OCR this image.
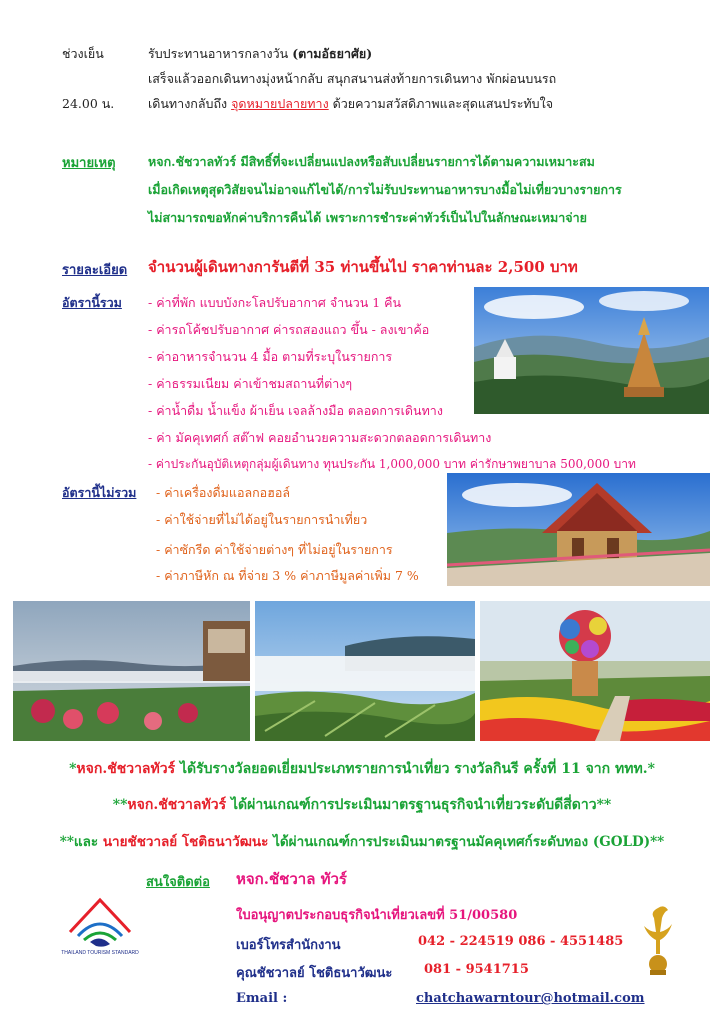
ช่วงเย็น	รับประทานอาหารกลางวัน (ตามอัธยาศัย)
เสร็จแล้วออกเดินทางมุ่งหน้ากลับ สนุกสนานส่งท้ายการเดินทาง พักผ่อนบนรถ
24.00 น.	เดินทางกลับถึง จุดหมายปลายทาง ด้วยความสวัสดิภาพและสุดแสนประทับใจ
หมายเหตุ	หจก.ชัชวาลทัวร์ มีสิทธิ์ที่จะเปลี่ยนแปลงหรือสับเปลี่ยนรายการได้ตามความเหมาะสม
เมื่อเกิดเหตุสุดวิสัยจนไม่อาจแก้ไขได้/การไม่รับประทานอาหารบางมื้อไม่เที่ยวบางรายการ
ไม่สามารถขอหักค่าบริการคืนได้ เพราะการชำระค่าทัวร์เป็นไปในลักษณะเหมาจ่าย
รายละเอียด จำนวนผู้เดินทางการันตีที่ 35 ท่านขึ้นไป ราคาท่านละ 2,500 บาท
อัตรานี้รวม - ค่าที่พัก แบบบังกะโลปรับอากาศ จำนวน 1 คืน
- ค่ารถโค้ชปรับอากาศ ค่ารถสองแถว ขึ้น - ลงเขาค้อ
- ค่าอาหารจำนวน 4 มื้อ ตามที่ระบุในรายการ
- ค่าธรรมเนียม ค่าเข้าชมสถานที่ต่างๆ
- ค่าน้ำดื่ม น้ำแข็ง ผ้าเย็น เจลล้างมือ ตลอดการเดินทาง
- ค่า มัคคุเทศก์ สต๊าฟ คอยอำนวยความสะดวกตลอดการเดินทาง
- ค่าประกันอุบัติเหตุกลุ่มผู้เดินทาง ทุนประกัน 1,000,000 บาท ค่ารักษาพยาบาล 500,000 บาท
อัตรานี้ไม่รวม - ค่าเครื่องดื่มแอลกอฮอล์
- ค่าใช้จ่ายที่ไม่ได้อยู่ในรายการนำเที่ยว
- ค่าซักรีด ค่าใช้จ่ายต่างๆ ที่ไม่อยู่ในรายการ
- ค่าภาษีหัก ณ ที่จ่าย 3 % ค่าภาษีมูลค่าเพิ่ม 7 %
*หจก.ชัชวาลทัวร์ ได้รับรางวัลยอดเยี่ยมประเภทรายการนำเที่ยว รางวัลกินรี ครั้งที่ 11 จาก ททท.*
**หจก.ชัชวาลทัวร์ ได้ผ่านเกณฑ์การประเมินมาตรฐานธุรกิจนำเที่ยวระดับดีสี่ดาว**
**และ นายชัชวาลย์ โชติธนาวัฒนะ ได้ผ่านเกณฑ์การประเมินมาตรฐานมัคคุเทศก์ระดับทอง (GOLD)**
สนใจติดต่อ หจก.ชัชวาล ทัวร์
ใบอนุญาตประกอบธุรกิจนำเที่ยวเลขที่ 51/00580
เบอร์โทรสำนักงาน	042 - 224519 086 - 4551485
คุณชัชวาลย์ โชติธนาวัฒนะ 081 - 9541715
Email :	chatchawarntour@hotmail.com
THAILAND TOURISM STANDARD
